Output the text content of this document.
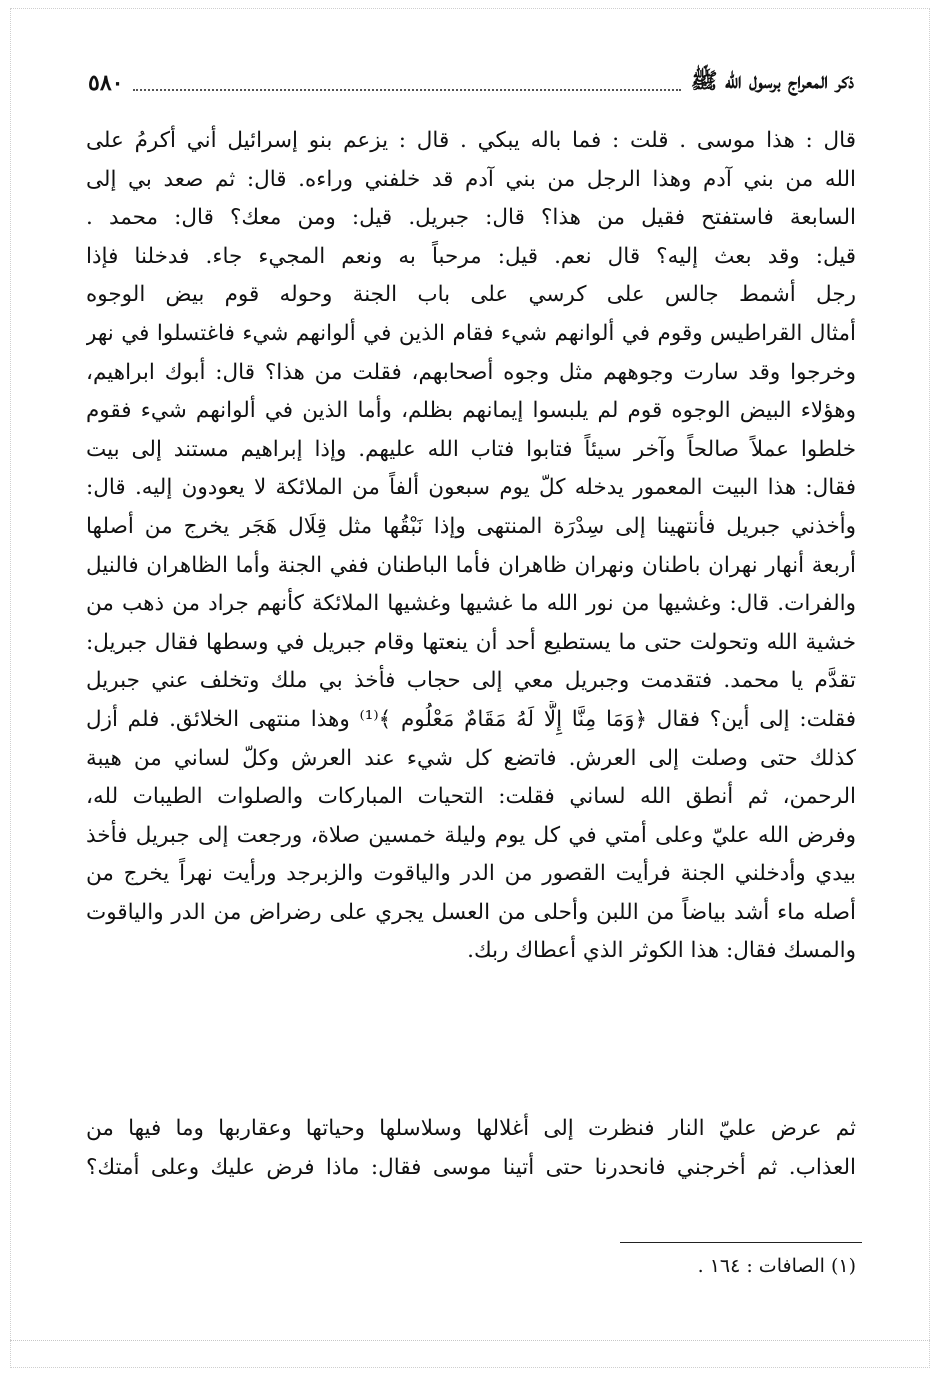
ذكر المعراج برسول الله ﷺ
٥٨٠
قال : هذا موسى . قلت : فما باله يبكي . قال : يزعم بنو إسرائيل أني أكرمُ على
الله من بني آدم وهذا الرجل من بني آدم قد خلفني وراءه. قال: ثم صعد بي إلى
السابعة فاستفتح فقيل من هذا؟ قال: جبريل. قيل: ومن معك؟ قال: محمد .
قيل: وقد بعث إليه؟ قال نعم. قيل: مرحباً به ونعم المجيء جاء. فدخلنا فإذا
رجل أشمط جالس على كرسي على باب الجنة وحوله قوم بيض الوجوه
أمثال القراطيس وقوم في ألوانهم شيء فقام الذين في ألوانهم شيء فاغتسلوا في نهر
وخرجوا وقد سارت وجوههم مثل وجوه أصحابهم، فقلت من هذا؟ قال: أبوك ابراهيم،
وهؤلاء البيض الوجوه قوم لم يلبسوا إيمانهم بظلم، وأما الذين في ألوانهم شيء فقوم
خلطوا عملاً صالحاً وآخر سيئاً فتابوا فتاب الله عليهم. وإذا إبراهيم مستند إلى بيت
فقال: هذا البيت المعمور يدخله كلّ يوم سبعون ألفاً من الملائكة لا يعودون إليه. قال:
وأخذني جبريل فأنتهينا إلى سِدْرَة المنتهى وإذا نَبْقُها مثل قِلَال هَجَر يخرج من أصلها
أربعة أنهار نهران باطنان ونهران ظاهران فأما الباطنان ففي الجنة وأما الظاهران فالنيل
والفرات. قال: وغشيها من نور الله ما غشيها وغشيها الملائكة كأنهم جراد من ذهب من
خشية الله وتحولت حتى ما يستطيع أحد أن ينعتها وقام جبريل في وسطها فقال جبريل:
تقدَّم يا محمد. فتقدمت وجبريل معي إلى حجاب فأخذ بي ملك وتخلف عني جبريل
فقلت: إلى أين؟ فقال ﴿وَمَا مِنَّا إِلَّا لَهُ مَقَامٌ مَعْلُوم ﴾⁽¹⁾ وهذا منتهى الخلائق. فلم أزل
كذلك حتى وصلت إلى العرش. فاتضع كل شيء عند العرش وكلّ لساني من هيبة
الرحمن، ثم أنطق الله لساني فقلت: التحيات المباركات والصلوات الطيبات لله،
وفرض الله عليّ وعلى أمتي في كل يوم وليلة خمسين صلاة، ورجعت إلى جبريل فأخذ
بيدي وأدخلني الجنة فرأيت القصور من الدر والياقوت والزبرجد ورأيت نهراً يخرج من
أصله ماء أشد بياضاً من اللبن وأحلى من العسل يجري على رضراض من الدر والياقوت
والمسك فقال: هذا الكوثر الذي أعطاك ربك.
ثم عرض عليّ النار فنظرت إلى أغلالها وسلاسلها وحياتها وعقاربها وما فيها من
العذاب. ثم أخرجني فانحدرنا حتى أتينا موسى فقال: ماذا فرض عليك وعلى أمتك؟
(١) الصافات : ١٦٤ .
